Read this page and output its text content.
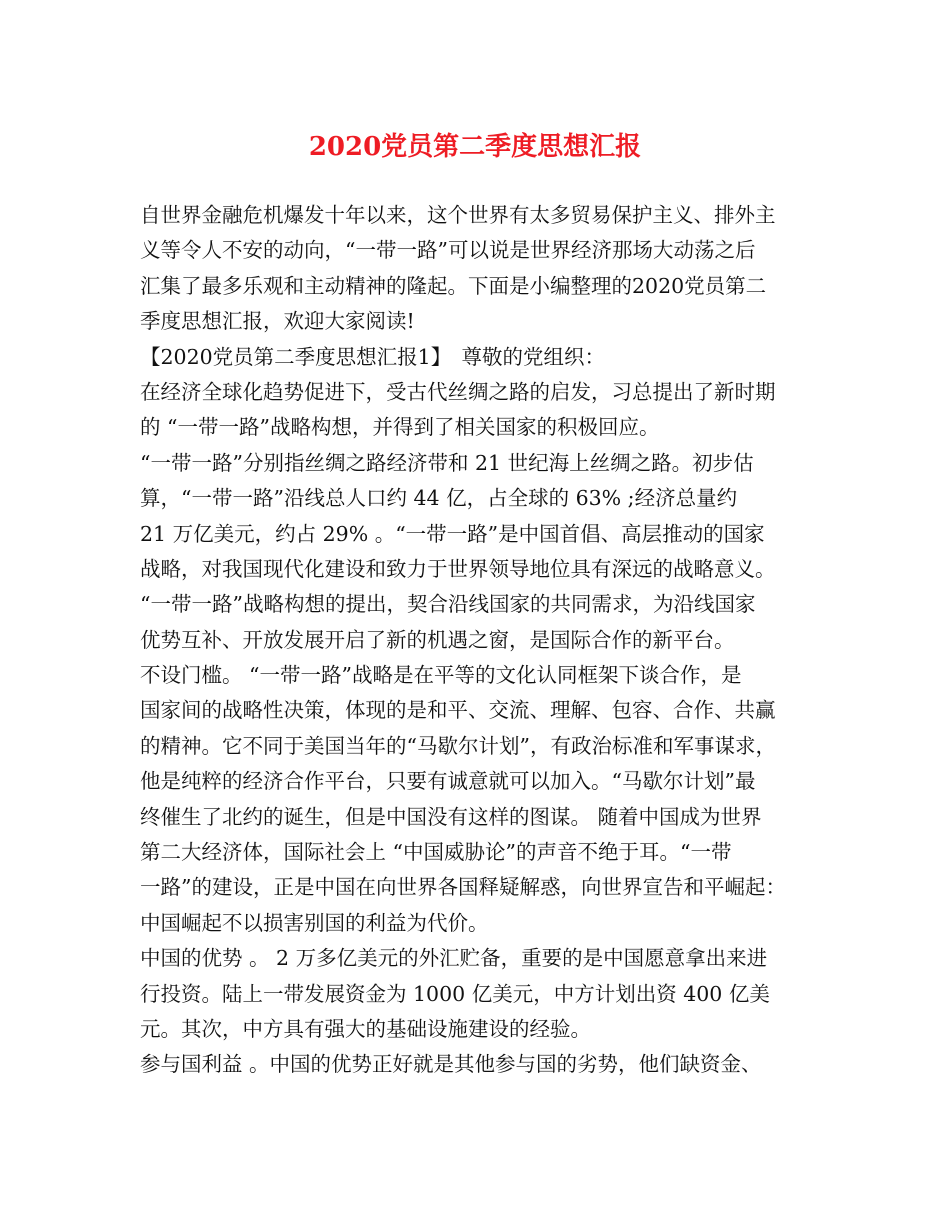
2020党员第二季度思想汇报
自世界金融危机爆发十年以来，这个世界有太多贸易保护主义、排外主
义等令人不安的动向，“一带一路”可以说是世界经济那场大动荡之后
汇集了最多乐观和主动精神的隆起。下面是小编整理的2020党员第二
季度思想汇报，欢迎大家阅读!
【2020党员第二季度思想汇报1】　尊敬的党组织：
在经济全球化趋势促进下，受古代丝绸之路的启发，习总提出了新时期
的 “一带一路”战略构想，并得到了相关国家的积极回应。
“一带一路”分别指丝绸之路经济带和 21 世纪海上丝绸之路。初步估
算，“一带一路”沿线总人口约 44 亿，占全球的 63% ;经济总量约
21 万亿美元，约占 29% 。“一带一路”是中国首倡、高层推动的国家
战略，对我国现代化建设和致力于世界领导地位具有深远的战略意义。
“一带一路”战略构想的提出，契合沿线国家的共同需求，为沿线国家
优势互补、开放发展开启了新的机遇之窗，是国际合作的新平台。
不设门槛。 “一带一路”战略是在平等的文化认同框架下谈合作，是
国家间的战略性决策，体现的是和平、交流、理解、包容、合作、共赢
的精神。它不同于美国当年的“马歇尔计划”，有政治标准和军事谋求，
他是纯粹的经济合作平台，只要有诚意就可以加入。“马歇尔计划”最
终催生了北约的诞生，但是中国没有这样的图谋。 随着中国成为世界
第二大经济体，国际社会上 “中国威胁论”的声音不绝于耳。“一带
一路”的建设，正是中国在向世界各国释疑解惑，向世界宣告和平崛起：
中国崛起不以损害别国的利益为代价。
中国的优势 。 2 万多亿美元的外汇贮备，重要的是中国愿意拿出来进
行投资。陆上一带发展资金为 1000 亿美元，中方计划出资 400 亿美
元。其次，中方具有强大的基础设施建设的经验。
参与国利益 。中国的优势正好就是其他参与国的劣势，他们缺资金、
